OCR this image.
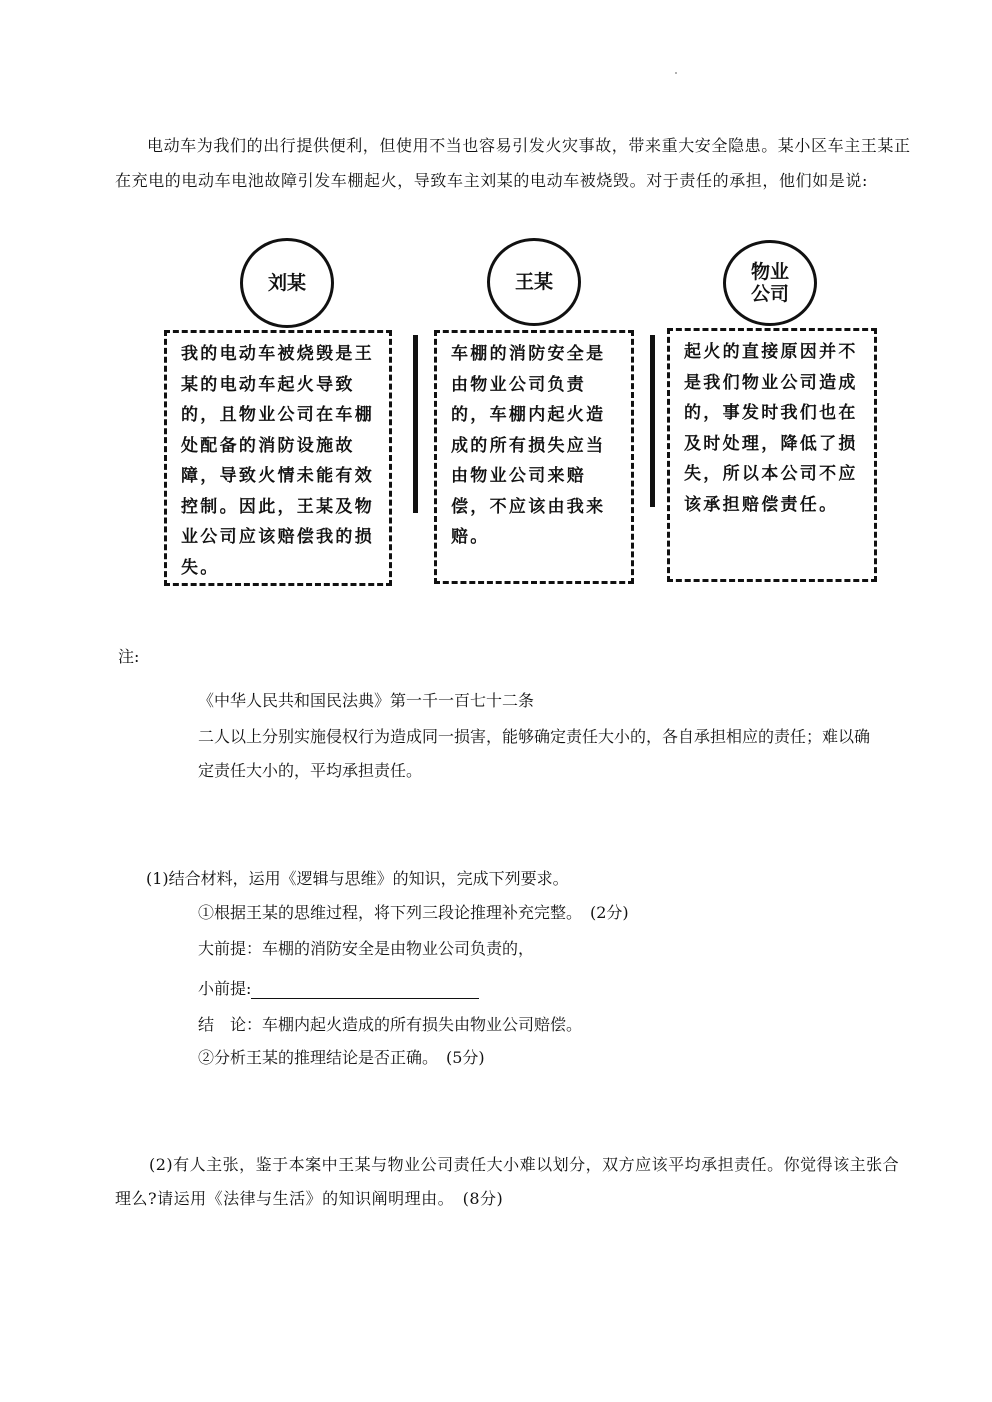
电动车为我们的出行提供便利，但使用不当也容易引发火灾事故，带来重大安全隐患。某小区车主王某正在充电的电动车电池故障引发车棚起火，导致车主刘某的电动车被烧毁。对于责任的承担，他们如是说:

刘某	王某	物业
公司
我的电动车被烧毁是王某的电动车起火导致的，且物业公司在车棚处配备的消防设施故障，导致火情未能有效控制。因此，王某及物业公司应该赔偿我的损失。
车棚的消防安全是由物业公司负责的，车棚内起火造成的所有损失应当由物业公司来赔偿，不应该由我来赔。
起火的直接原因并不是我们物业公司造成的，事发时我们也在及时处理，降低了损失，所以本公司不应该承担赔偿责任。
注:
《中华人民共和国民法典》第一千一百七十二条
二人以上分别实施侵权行为造成同一损害，能够确定责任大小的，各自承担相应的责任；难以确定责任大小的，平均承担责任。
(1)结合材料，运用《逻辑与思维》的知识，完成下列要求。
①根据王某的思维过程，将下列三段论推理补充完整。　(2分)
大前提：车棚的消防安全是由物业公司负责的，
小前提:
结　论：车棚内起火造成的所有损失由物业公司赔偿。
②分析王某的推理结论是否正确。　(5分)

(2)有人主张，鉴于本案中王某与物业公司责任大小难以划分，双方应该平均承担责任。你觉得该主张合理么?请运用《法律与生活》的知识阐明理由。　(8分)
